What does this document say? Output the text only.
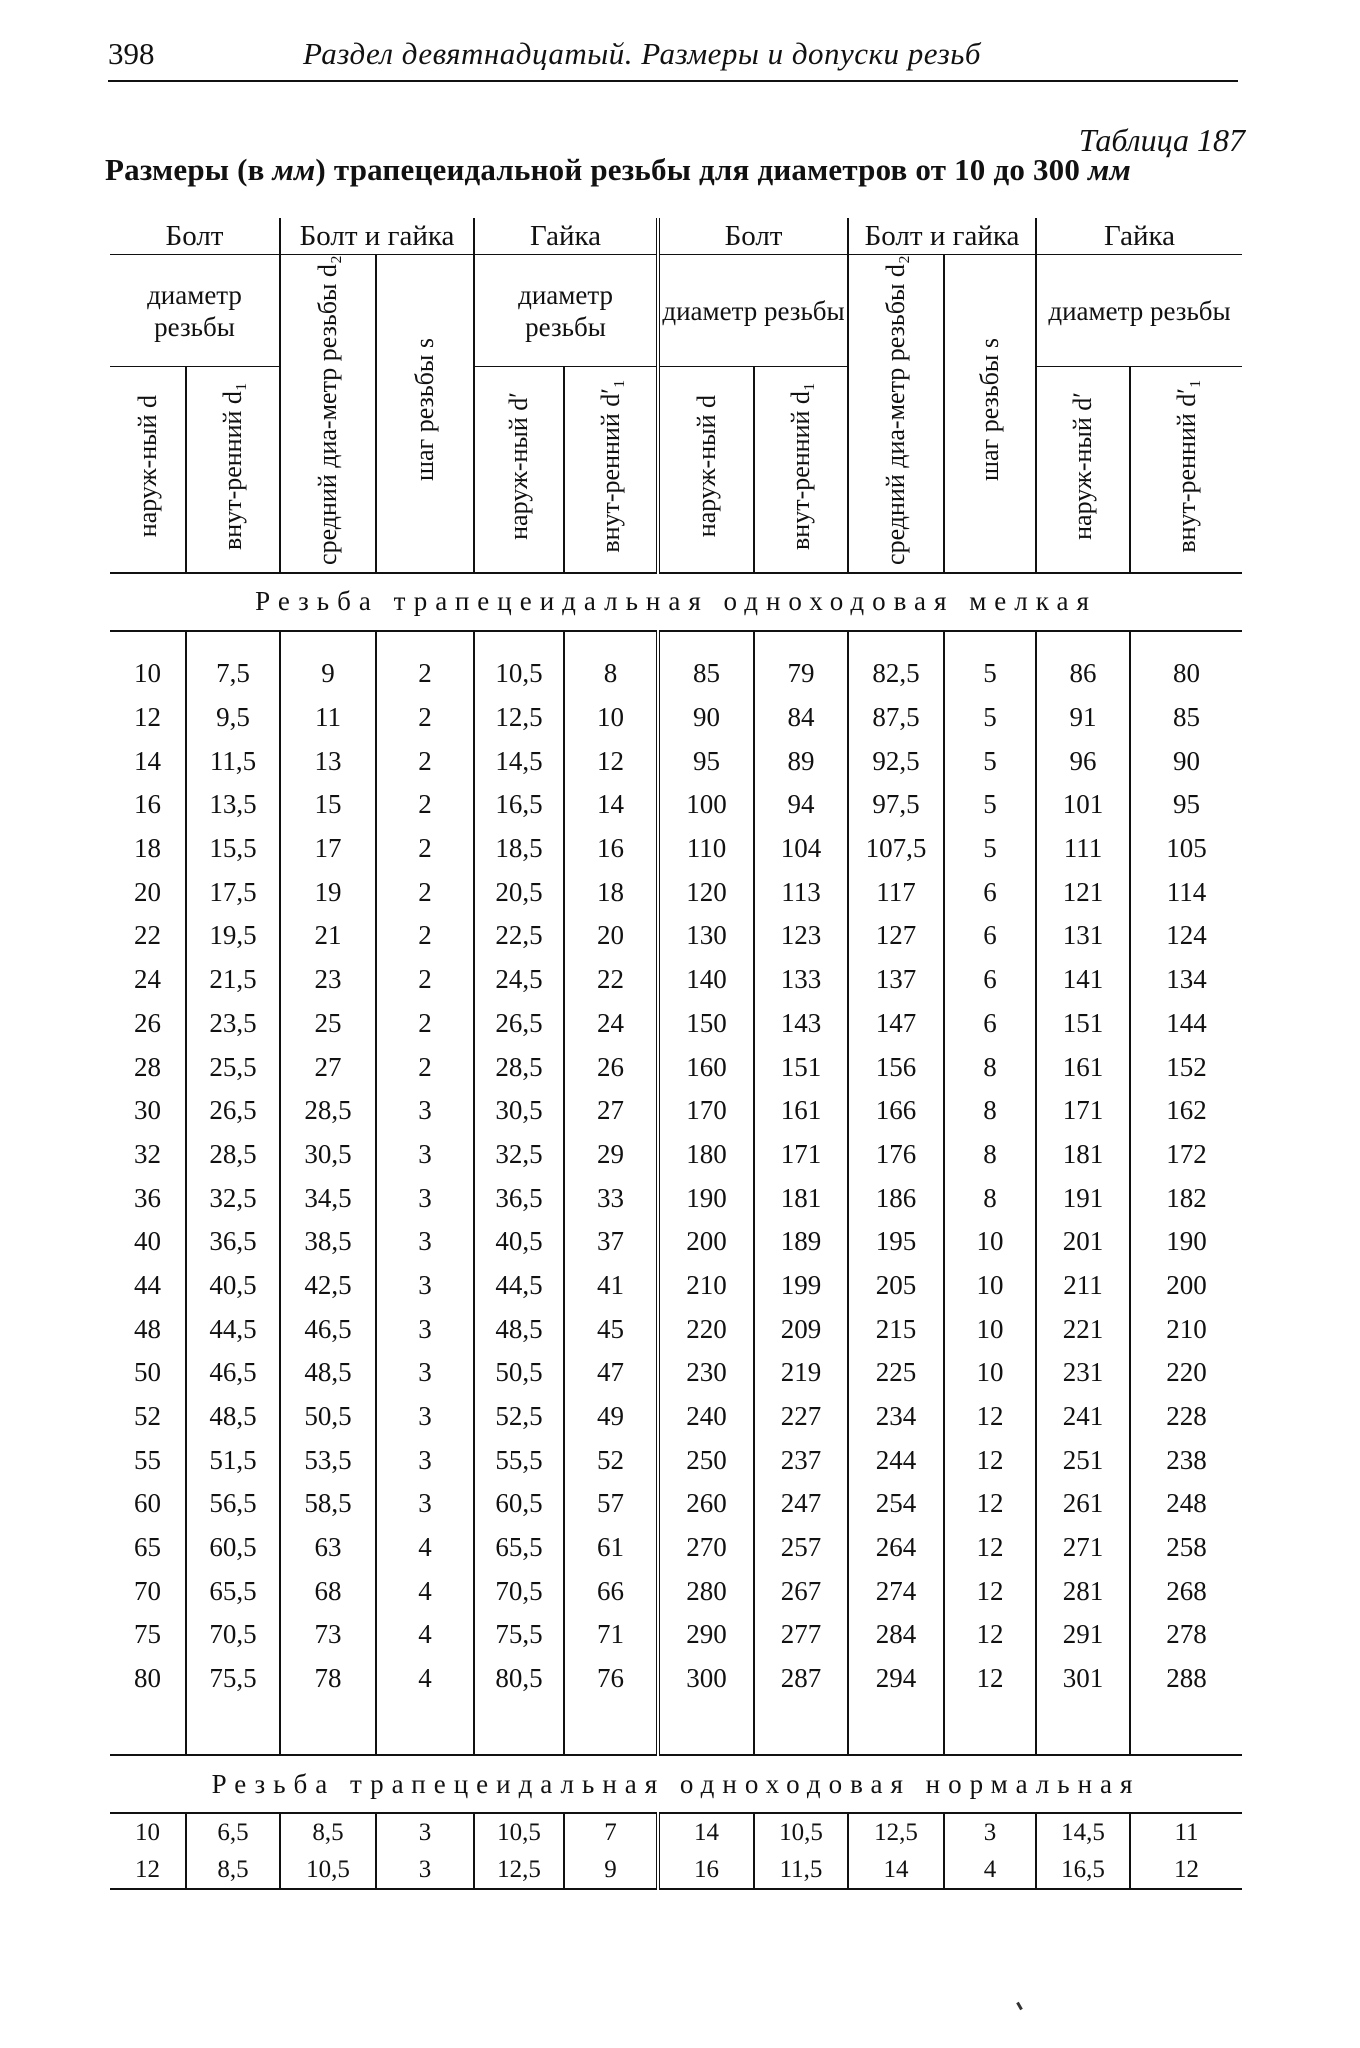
398	Раздел девятнадцатый. Размеры и допуски резьб
Таблица 187
Размеры (в мм) трапецеидальной резьбы для диаметров от 10 до 300 мм
Болт		Болт и гайка		Гайка		Болт		Болт и гайка		Гайка	
диаметр резьбы		средний диа-метр резьбы d₂	шаг резьбы s	диаметр резьбы		диаметр резьбы		средний диа-метр резьбы d₂	шаг резьбы s	диаметр резьбы	
наруж-ный d	внут-ренний d₁			наруж-ный d′	внут-ренний d′₁	наруж-ный d	внут-ренний d₁			наруж-ный d′	внут-ренний d′₁
Резьба трапецеидальная одноходовая мелкая											

10	7,5	9	2	10,5	8	85	79	82,5	5	86	80
12	9,5	11	2	12,5	10	90	84	87,5	5	91	85
14	11,5	13	2	14,5	12	95	89	92,5	5	96	90
16	13,5	15	2	16,5	14	100	94	97,5	5	101	95
18	15,5	17	2	18,5	16	110	104	107,5	5	111	105
20	17,5	19	2	20,5	18	120	113	117	6	121	114
22	19,5	21	2	22,5	20	130	123	127	6	131	124
24	21,5	23	2	24,5	22	140	133	137	6	141	134
26	23,5	25	2	26,5	24	150	143	147	6	151	144
28	25,5	27	2	28,5	26	160	151	156	8	161	152
30	26,5	28,5	3	30,5	27	170	161	166	8	171	162
32	28,5	30,5	3	32,5	29	180	171	176	8	181	172
36	32,5	34,5	3	36,5	33	190	181	186	8	191	182
40	36,5	38,5	3	40,5	37	200	189	195	10	201	190
44	40,5	42,5	3	44,5	41	210	199	205	10	211	200
48	44,5	46,5	3	48,5	45	220	209	215	10	221	210
50	46,5	48,5	3	50,5	47	230	219	225	10	231	220
52	48,5	50,5	3	52,5	49	240	227	234	12	241	228
55	51,5	53,5	3	55,5	52	250	237	244	12	251	238
60	56,5	58,5	3	60,5	57	260	247	254	12	261	248
65	60,5	63	4	65,5	61	270	257	264	12	271	258
70	65,5	68	4	70,5	66	280	267	274	12	281	268
75	70,5	73	4	75,5	71	290	277	284	12	291	278
80	75,5	78	4	80,5	76	300	287	294	12	301	288

Резьба трапецеидальная одноходовая нормальная											
10	6,5	8,5	3	10,5	7	14	10,5	12,5	3	14,5	11
12	8,5	10,5	3	12,5	9	16	11,5	14	4	16,5	12
